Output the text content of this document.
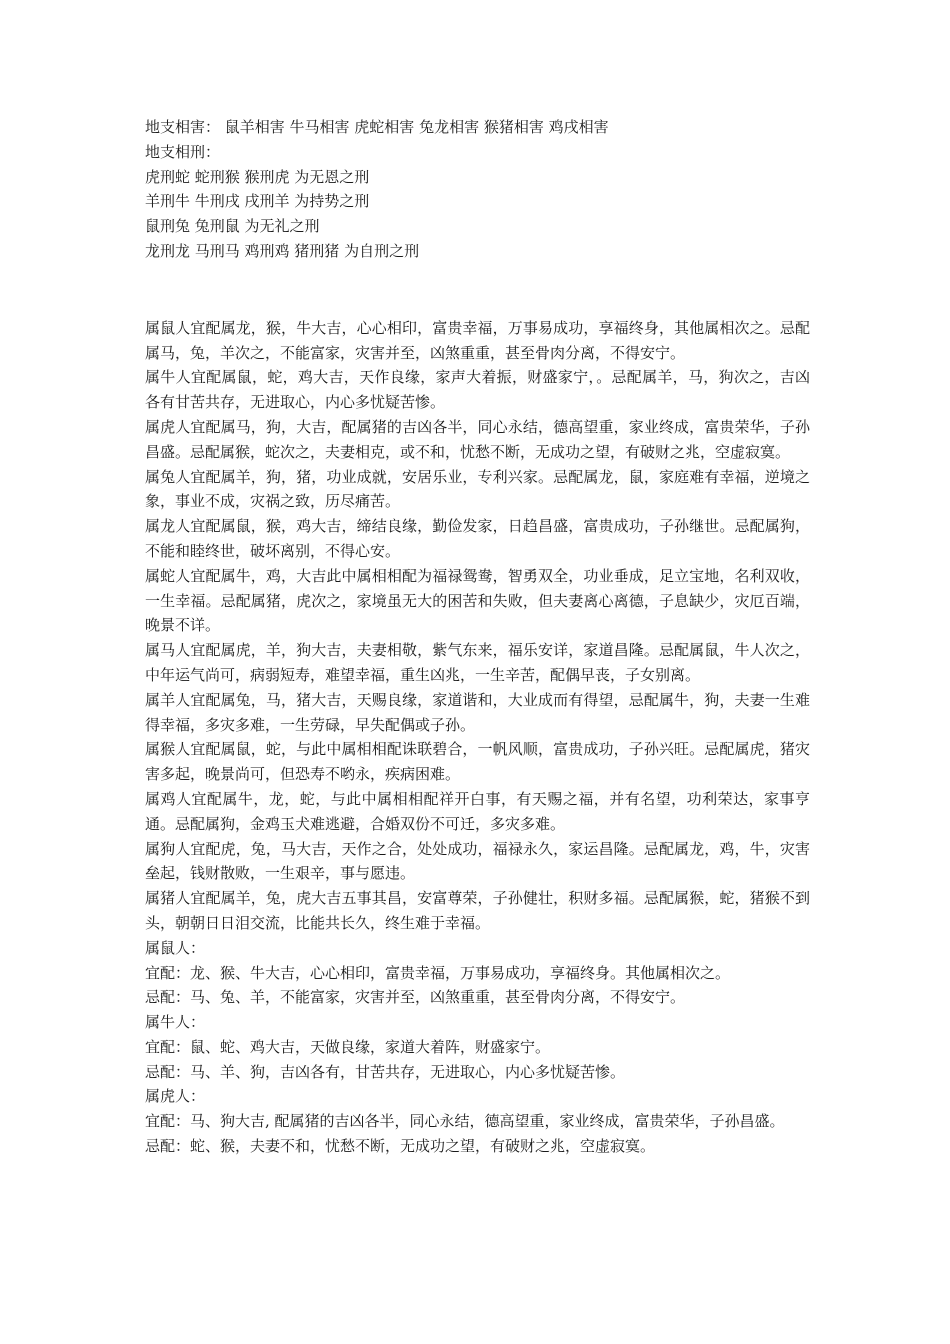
地支相害： 鼠羊相害 牛马相害 虎蛇相害 兔龙相害 猴猪相害 鸡戌相害
地支相刑：
虎刑蛇 蛇刑猴 猴刑虎 为无恩之刑
羊刑牛 牛刑戌 戌刑羊 为持势之刑
鼠刑兔 兔刑鼠 为无礼之刑
龙刑龙 马刑马 鸡刑鸡 猪刑猪 为自刑之刑
属鼠人宜配属龙，猴，牛大吉，心心相印，富贵幸福，万事易成功，享福终身，其他属相次之。忌配属马，兔，羊次之，不能富家，灾害并至，凶煞重重，甚至骨肉分离，不得安宁。
属牛人宜配属鼠，蛇，鸡大吉，天作良缘，家声大着振，财盛家宁，。忌配属羊，马，狗次之，吉凶各有甘苦共存，无进取心，内心多忧疑苦惨。
属虎人宜配属马，狗，大吉，配属猪的吉凶各半，同心永结，德高望重，家业终成，富贵荣华，子孙昌盛。忌配属猴，蛇次之，夫妻相克，或不和，忧愁不断，无成功之望，有破财之兆，空虚寂寞。
属兔人宜配属羊，狗，猪，功业成就，安居乐业，专利兴家。忌配属龙，鼠，家庭难有幸福，逆境之象，事业不成，灾祸之致，历尽痛苦。
属龙人宜配属鼠，猴，鸡大吉，缔结良缘，勤俭发家，日趋昌盛，富贵成功，子孙继世。忌配属狗，不能和睦终世，破坏离别，不得心安。
属蛇人宜配属牛，鸡，大吉此中属相相配为福禄鸳鸯，智勇双全，功业垂成，足立宝地，名利双收，一生幸福。忌配属猪，虎次之，家境虽无大的困苦和失败，但夫妻离心离德，子息缺少，灾厄百端，晚景不详。
属马人宜配属虎，羊，狗大吉，夫妻相敬，紫气东来，福乐安详，家道昌隆。忌配属鼠，牛人次之，中年运气尚可，病弱短寿，难望幸福，重生凶兆，一生辛苦，配偶早丧，子女别离。
属羊人宜配属兔，马，猪大吉，天赐良缘，家道谐和，大业成而有得望，忌配属牛，狗，夫妻一生难得幸福，多灾多难，一生劳碌，早失配偶或子孙。
属猴人宜配属鼠，蛇，与此中属相相配诛联碧合，一帆风顺，富贵成功，子孙兴旺。忌配属虎，猪灾害多起，晚景尚可，但恐寿不哟永，疾病困难。
属鸡人宜配属牛，龙，蛇，与此中属相相配祥开白事，有天赐之福，并有名望，功利荣达，家事亨通。忌配属狗，金鸡玉犬难逃避，合婚双份不可迁，多灾多难。
属狗人宜配虎，兔，马大吉，天作之合，处处成功，福禄永久，家运昌隆。忌配属龙，鸡，牛，灾害垒起，钱财散败，一生艰辛，事与愿违。
属猪人宜配属羊，兔，虎大吉五事其昌，安富尊荣，子孙健壮，积财多福。忌配属猴，蛇，猪猴不到头，朝朝日日泪交流，比能共长久，终生难于幸福。
属鼠人：
宜配：龙、猴、牛大吉，心心相印，富贵幸福，万事易成功，享福终身。其他属相次之。
忌配：马、兔、羊，不能富家，灾害并至，凶煞重重，甚至骨肉分离，不得安宁。
属牛人：
宜配：鼠、蛇、鸡大吉，天做良缘，家道大着阵，财盛家宁。
忌配：马、羊、狗，吉凶各有，甘苦共存，无进取心，内心多忧疑苦惨。
属虎人：
宜配：马、狗大吉, 配属猪的吉凶各半，同心永结，德高望重，家业终成，富贵荣华，子孙昌盛。
忌配：蛇、猴，夫妻不和，忧愁不断，无成功之望，有破财之兆，空虚寂寞。
